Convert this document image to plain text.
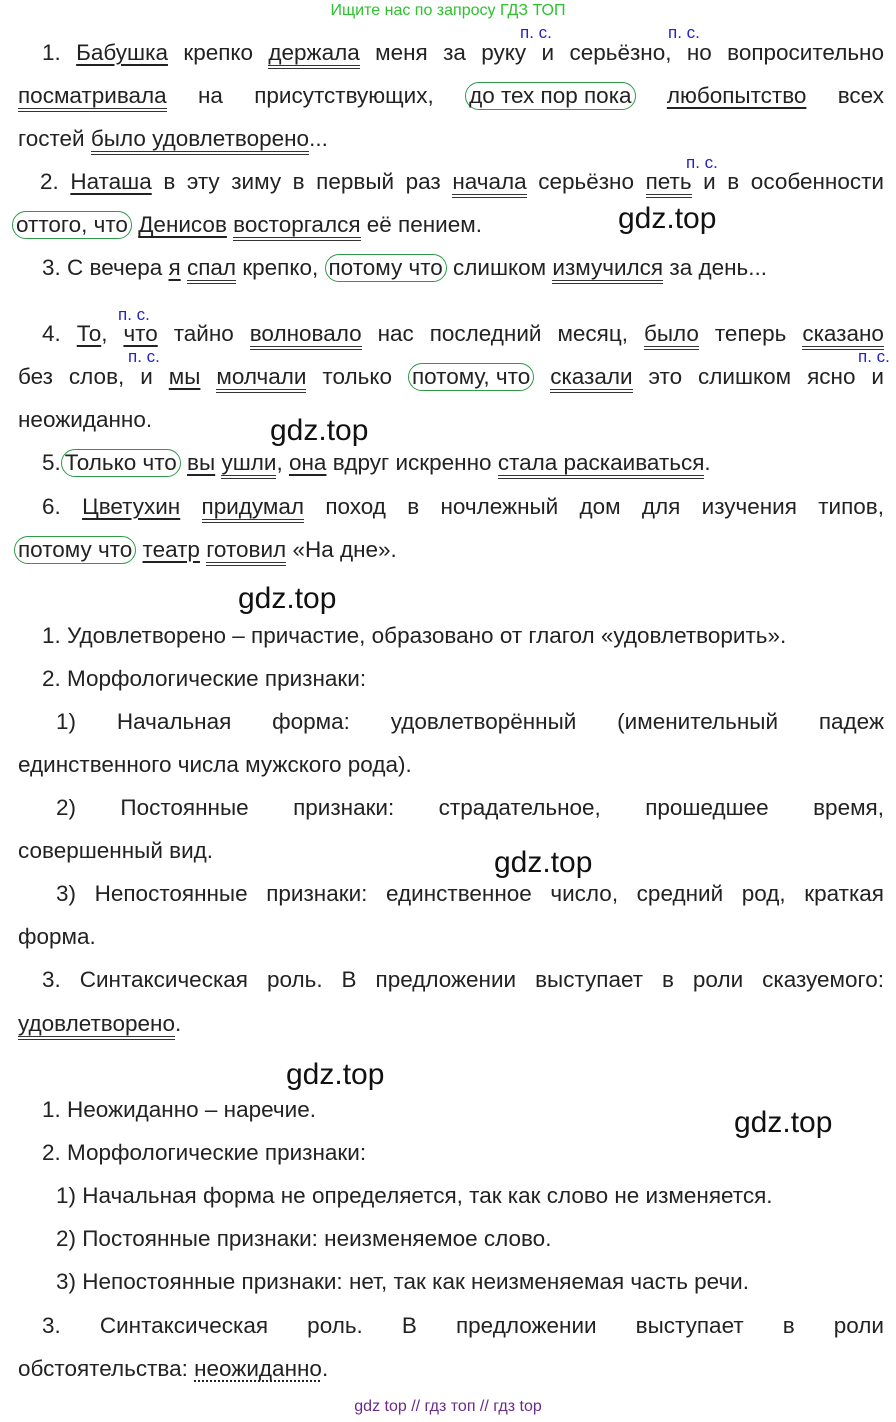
Ищите нас по запросу ГДЗ ТОП
п. с.	п. с.
п. с.
п. с.
п. с.	п. с.
1. Бабушка крепко держала меня за руку и серьёзно, но вопросительно
посматривала на присутствующих, до тех пор пока любопытство всех
гостей было удовлетворено...
2. Наташа в эту зиму в первый раз начала серьёзно петь и в особенности
оттого, что Денисов восторгался её пением.	gdz.top
3. С вечера я спал крепко, потому что слишком измучился за день...
4. То, что тайно волновало нас последний месяц, было теперь сказано
без слов, и мы молчали только потому, что сказали это слишком ясно и
неожиданно.	gdz.top
5. Только что вы ушли, она вдруг искренно стала раскаиваться.
6. Цветухин придумал поход в ночлежный дом для изучения типов,
потому что театр готовил «На дне».
gdz.top
1. Удовлетворено – причастие, образовано от глагол «удовлетворить».
2. Морфологические признаки:
1) Начальная форма: удовлетворённый (именительный падеж
единственного числа мужского рода).
2) Постоянные признаки: страдательное, прошедшее время,
совершенный вид.	gdz.top
3) Непостоянные признаки: единственное число, средний род, краткая
форма.
3. Синтаксическая роль. В предложении выступает в роли сказуемого:
удовлетворено.
gdz.top
gdz.top
1. Неожиданно – наречие.
2. Морфологические признаки:
1) Начальная форма не определяется, так как слово не изменяется.
2) Постоянные признаки: неизменяемое слово.
3) Непостоянные признаки: нет, так как неизменяемая часть речи.
3. Синтаксическая роль. В предложении выступает в роли
обстоятельства: неожиданно.
gdz top // гдз топ // гдз top
